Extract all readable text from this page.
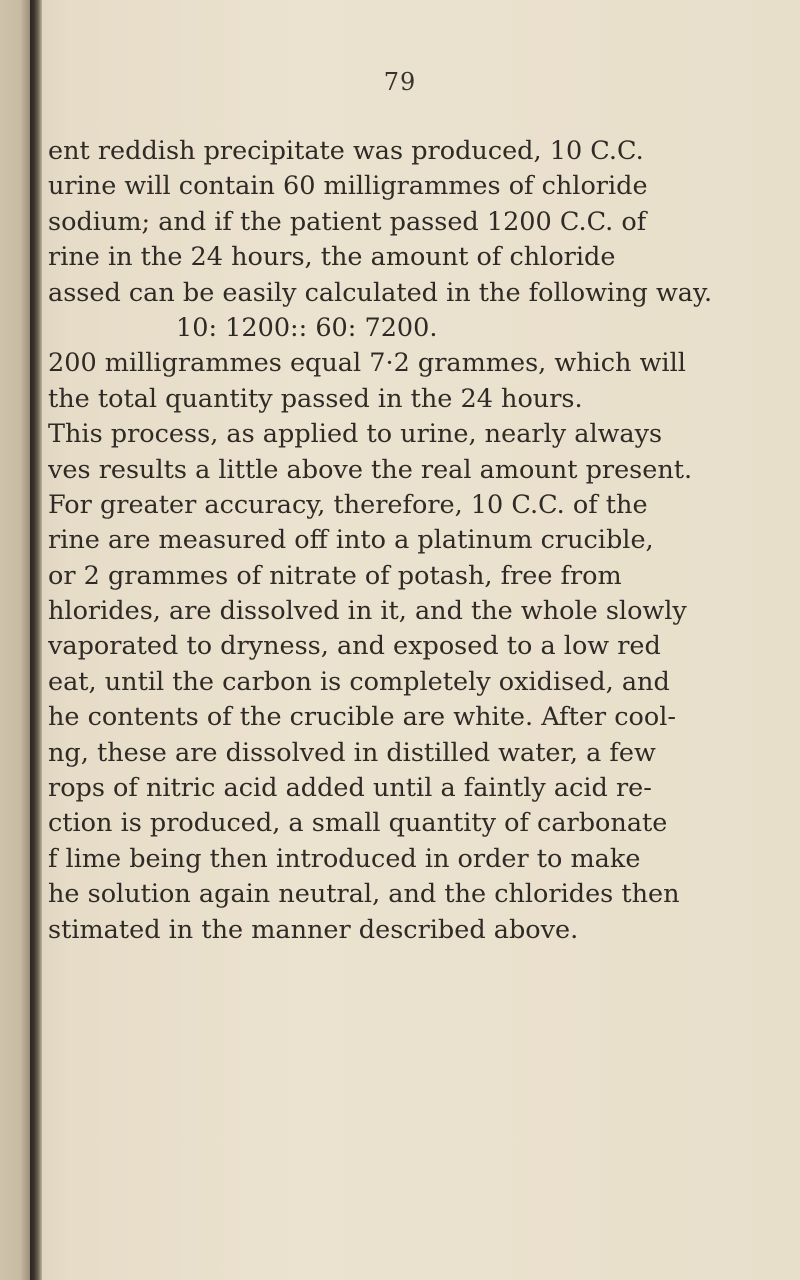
79
ent reddish precipitate was produced, 10 C.C.
urine will contain 60 milligrammes of chloride
sodium; and if the patient passed 1200 C.C. of
rine in the 24 hours, the amount of chloride
assed can be easily calculated in the following way.
10: 1200:: 60: 7200.
200 milligrammes equal 7·2 grammes, which will
the total quantity passed in the 24 hours.
This process, as applied to urine, nearly always
ves results a little above the real amount present.
For greater accuracy, therefore, 10 C.C. of the
rine are measured off into a platinum crucible,
or 2 grammes of nitrate of potash, free from
hlorides, are dissolved in it, and the whole slowly
vaporated to dryness, and exposed to a low red
eat, until the carbon is completely oxidised, and
he contents of the crucible are white. After cool-
ng, these are dissolved in distilled water, a few
rops of nitric acid added until a faintly acid re-
ction is produced, a small quantity of carbonate
f lime being then introduced in order to make
he solution again neutral, and the chlorides then
stimated in the manner described above.
